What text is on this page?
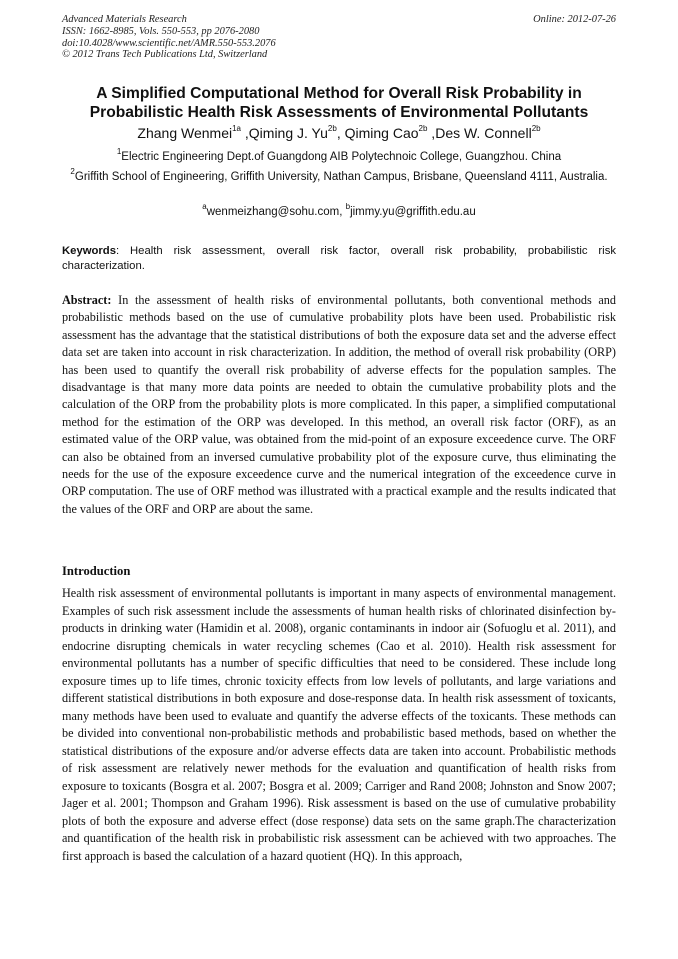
Advanced Materials Research
ISSN: 1662-8985, Vols. 550-553, pp 2076-2080
doi:10.4028/www.scientific.net/AMR.550-553.2076
© 2012 Trans Tech Publications Ltd, Switzerland
Online: 2012-07-26
A Simplified Computational Method for Overall Risk Probability in
Probabilistic Health Risk Assessments of Environmental Pollutants
Zhang Wenmei$^{1a}$ ,Qiming J. $Yu^{2b}$, Qiming Cao$^{2b}$ ,Des W. Connell$^{2b}$
$^1$Electric Engineering Dept.of Guangdong AIB Polytechnoic College, Guangzhou. China
$^2$Griffith School of Engineering, Griffith University, Nathan Campus, Brisbane, Queensland 4111, Australia.
$^a$wenmeizhang@sohu.com, $^b$jimmy.yu@griffith.edu.au
Keywords: Health risk assessment, overall risk factor, overall risk probability, probabilistic risk characterization.
Abstract: In the assessment of health risks of environmental pollutants, both conventional methods and probabilistic methods based on the use of cumulative probability plots have been used. Probabilistic risk assessment has the advantage that the statistical distributions of both the exposure data set and the adverse effect data set are taken into account in risk characterization. In addition, the method of overall risk probability (ORP) has been used to quantify the overall risk probability of adverse effects for the population samples. The disadvantage is that many more data points are needed to obtain the cumulative probability plots and the calculation of the ORP from the probability plots is more complicated. In this paper, a simplified computational method for the estimation of the ORP was developed. In this method, an overall risk factor (ORF), as an estimated value of the ORP value, was obtained from the mid-point of an exposure exceedence curve. The ORF can also be obtained from an inversed cumulative probability plot of the exposure curve, thus eliminating the needs for the use of the exposure exceedence curve and the numerical integration of the exceedence curve in ORP computation. The use of ORF method was illustrated with a practical example and the results indicated that the values of the ORF and ORP are about the same.
Introduction
Health risk assessment of environmental pollutants is important in many aspects of environmental management. Examples of such risk assessment include the assessments of human health risks of chlorinated disinfection by-products in drinking water (Hamidin et al. 2008), organic contaminants in indoor air (Sofuoglu et al. 2011), and endocrine disrupting chemicals in water recycling schemes (Cao et al. 2010). Health risk assessment for environmental pollutants has a number of specific difficulties that need to be considered. These include long exposure times up to life times, chronic toxicity effects from low levels of pollutants, and large variations and different statistical distributions in both exposure and dose-response data. In health risk assessment of toxicants, many methods have been used to evaluate and quantify the adverse effects of the toxicants. These methods can be divided into conventional non-probabilistic methods and probabilistic based methods, based on whether the statistical distributions of the exposure and/or adverse effects data are taken into account. Probabilistic methods of risk assessment are relatively newer methods for the evaluation and quantification of health risks from exposure to toxicants (Bosgra et al. 2007; Bosgra et al. 2009; Carriger and Rand 2008; Johnston and Snow 2007; Jager et al. 2001; Thompson and Graham 1996). Risk assessment is based on the use of cumulative probability plots of both the exposure and adverse effect (dose response) data sets on the same graph.The characterization and quantification of the health risk in probabilistic risk assessment can be achieved with two approaches. The first approach is based the calculation of a hazard quotient (HQ). In this approach,
